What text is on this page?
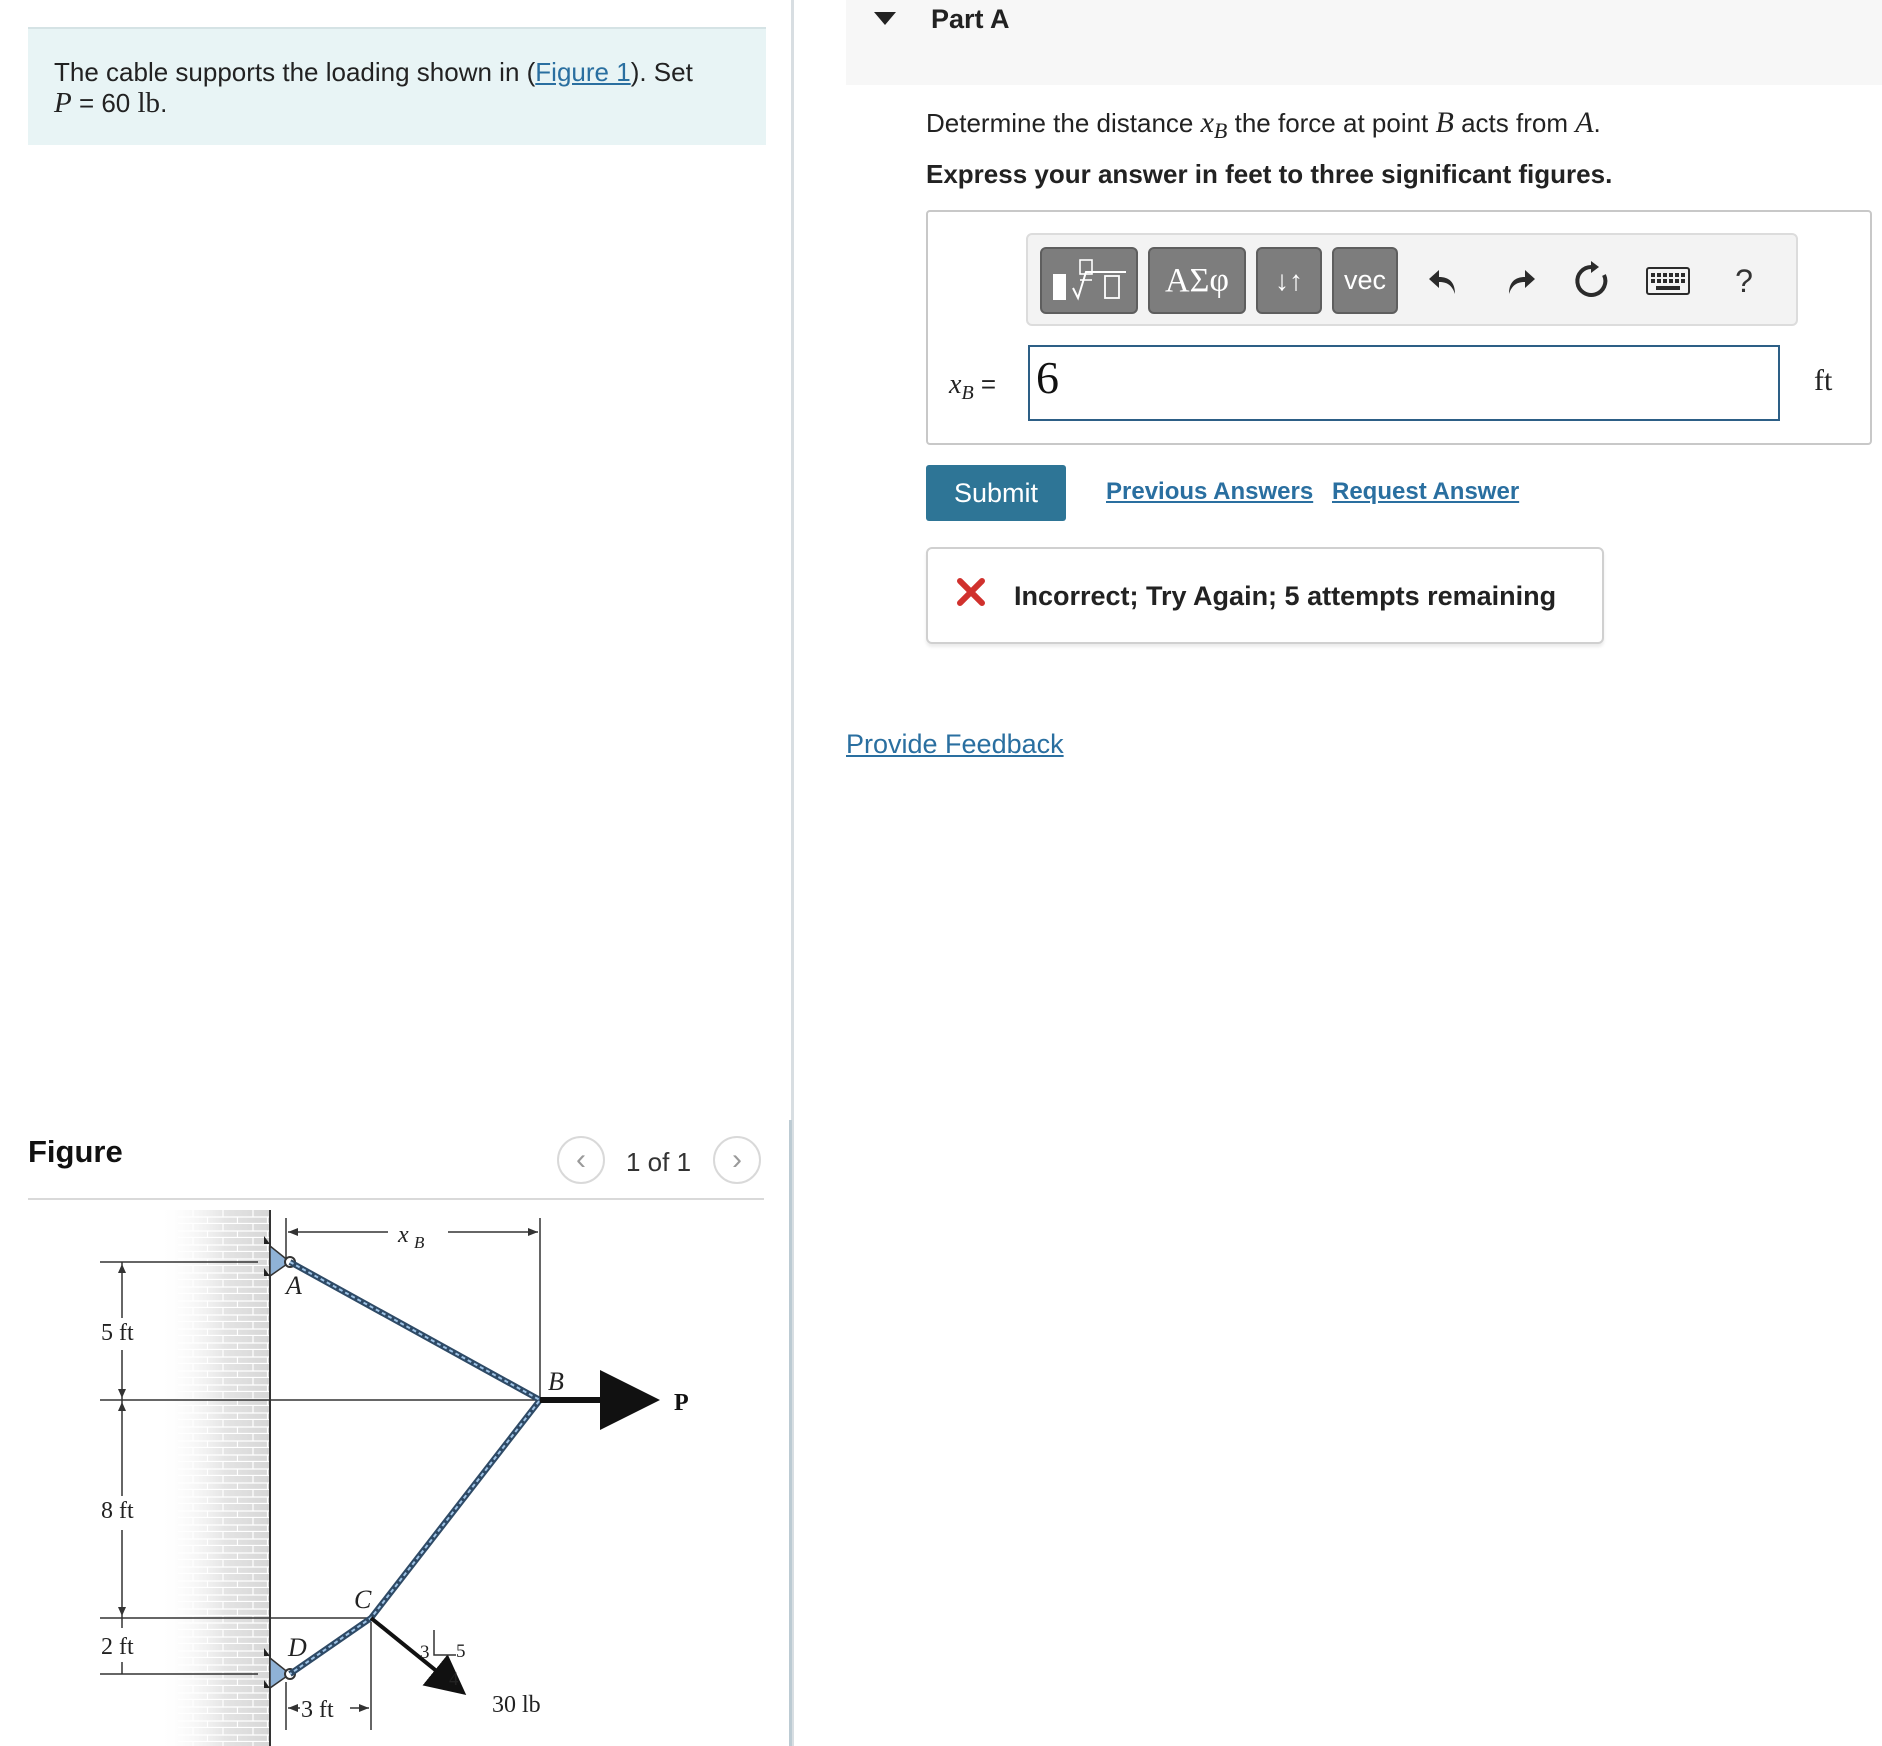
The cable supports the loading shown in (Figure 1). Set
P = 60 lb.
Figure	‹ 1 of 1 ›
x B
5 ft
8 ft
2 ft
3 ft
P
3 5
4
30 lb
A
B
C
D
Part A
Determine the distance $x_B$ the force at point B acts from A.
Express your answer in feet to three significant figures.
ΑΣφ ↓↑ vec	?
$x_B = 6$	ft
Submit	Previous Answers Request Answer
Incorrect; Try Again; 5 attempts remaining
Provide Feedback
